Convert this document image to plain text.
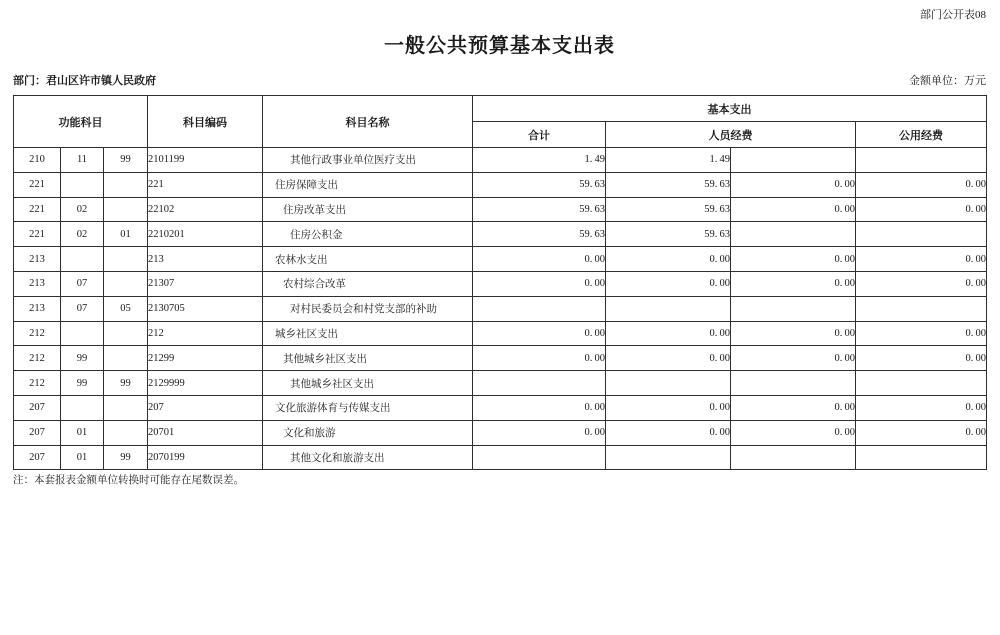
部门公开表08
一般公共预算基本支出表
部门：君山区许市镇人民政府	金额单位：万元
功能科目			科目编码	科目名称	基本支出			
					合计	人员经费		公用经费
210	11	99	2101199	其他行政事业单位医疗支出	1. 49	1. 49		
221			221	住房保障支出	59. 63	59. 63	0. 00	0. 00
221	02		22102	住房改革支出	59. 63	59. 63	0. 00	0. 00
221	02	01	2210201	住房公积金	59. 63	59. 63		
213			213	农林水支出	0. 00	0. 00	0. 00	0. 00
213	07		21307	农村综合改革	0. 00	0. 00	0. 00	0. 00
213	07	05	2130705	对村民委员会和村党支部的补助				
212			212	城乡社区支出	0. 00	0. 00	0. 00	0. 00
212	99		21299	其他城乡社区支出	0. 00	0. 00	0. 00	0. 00
212	99	99	2129999	其他城乡社区支出				
207			207	文化旅游体育与传媒支出	0. 00	0. 00	0. 00	0. 00
207	01		20701	文化和旅游	0. 00	0. 00	0. 00	0. 00
207	01	99	2070199	其他文化和旅游支出				
注：本套报表金额单位转换时可能存在尾数误差。
